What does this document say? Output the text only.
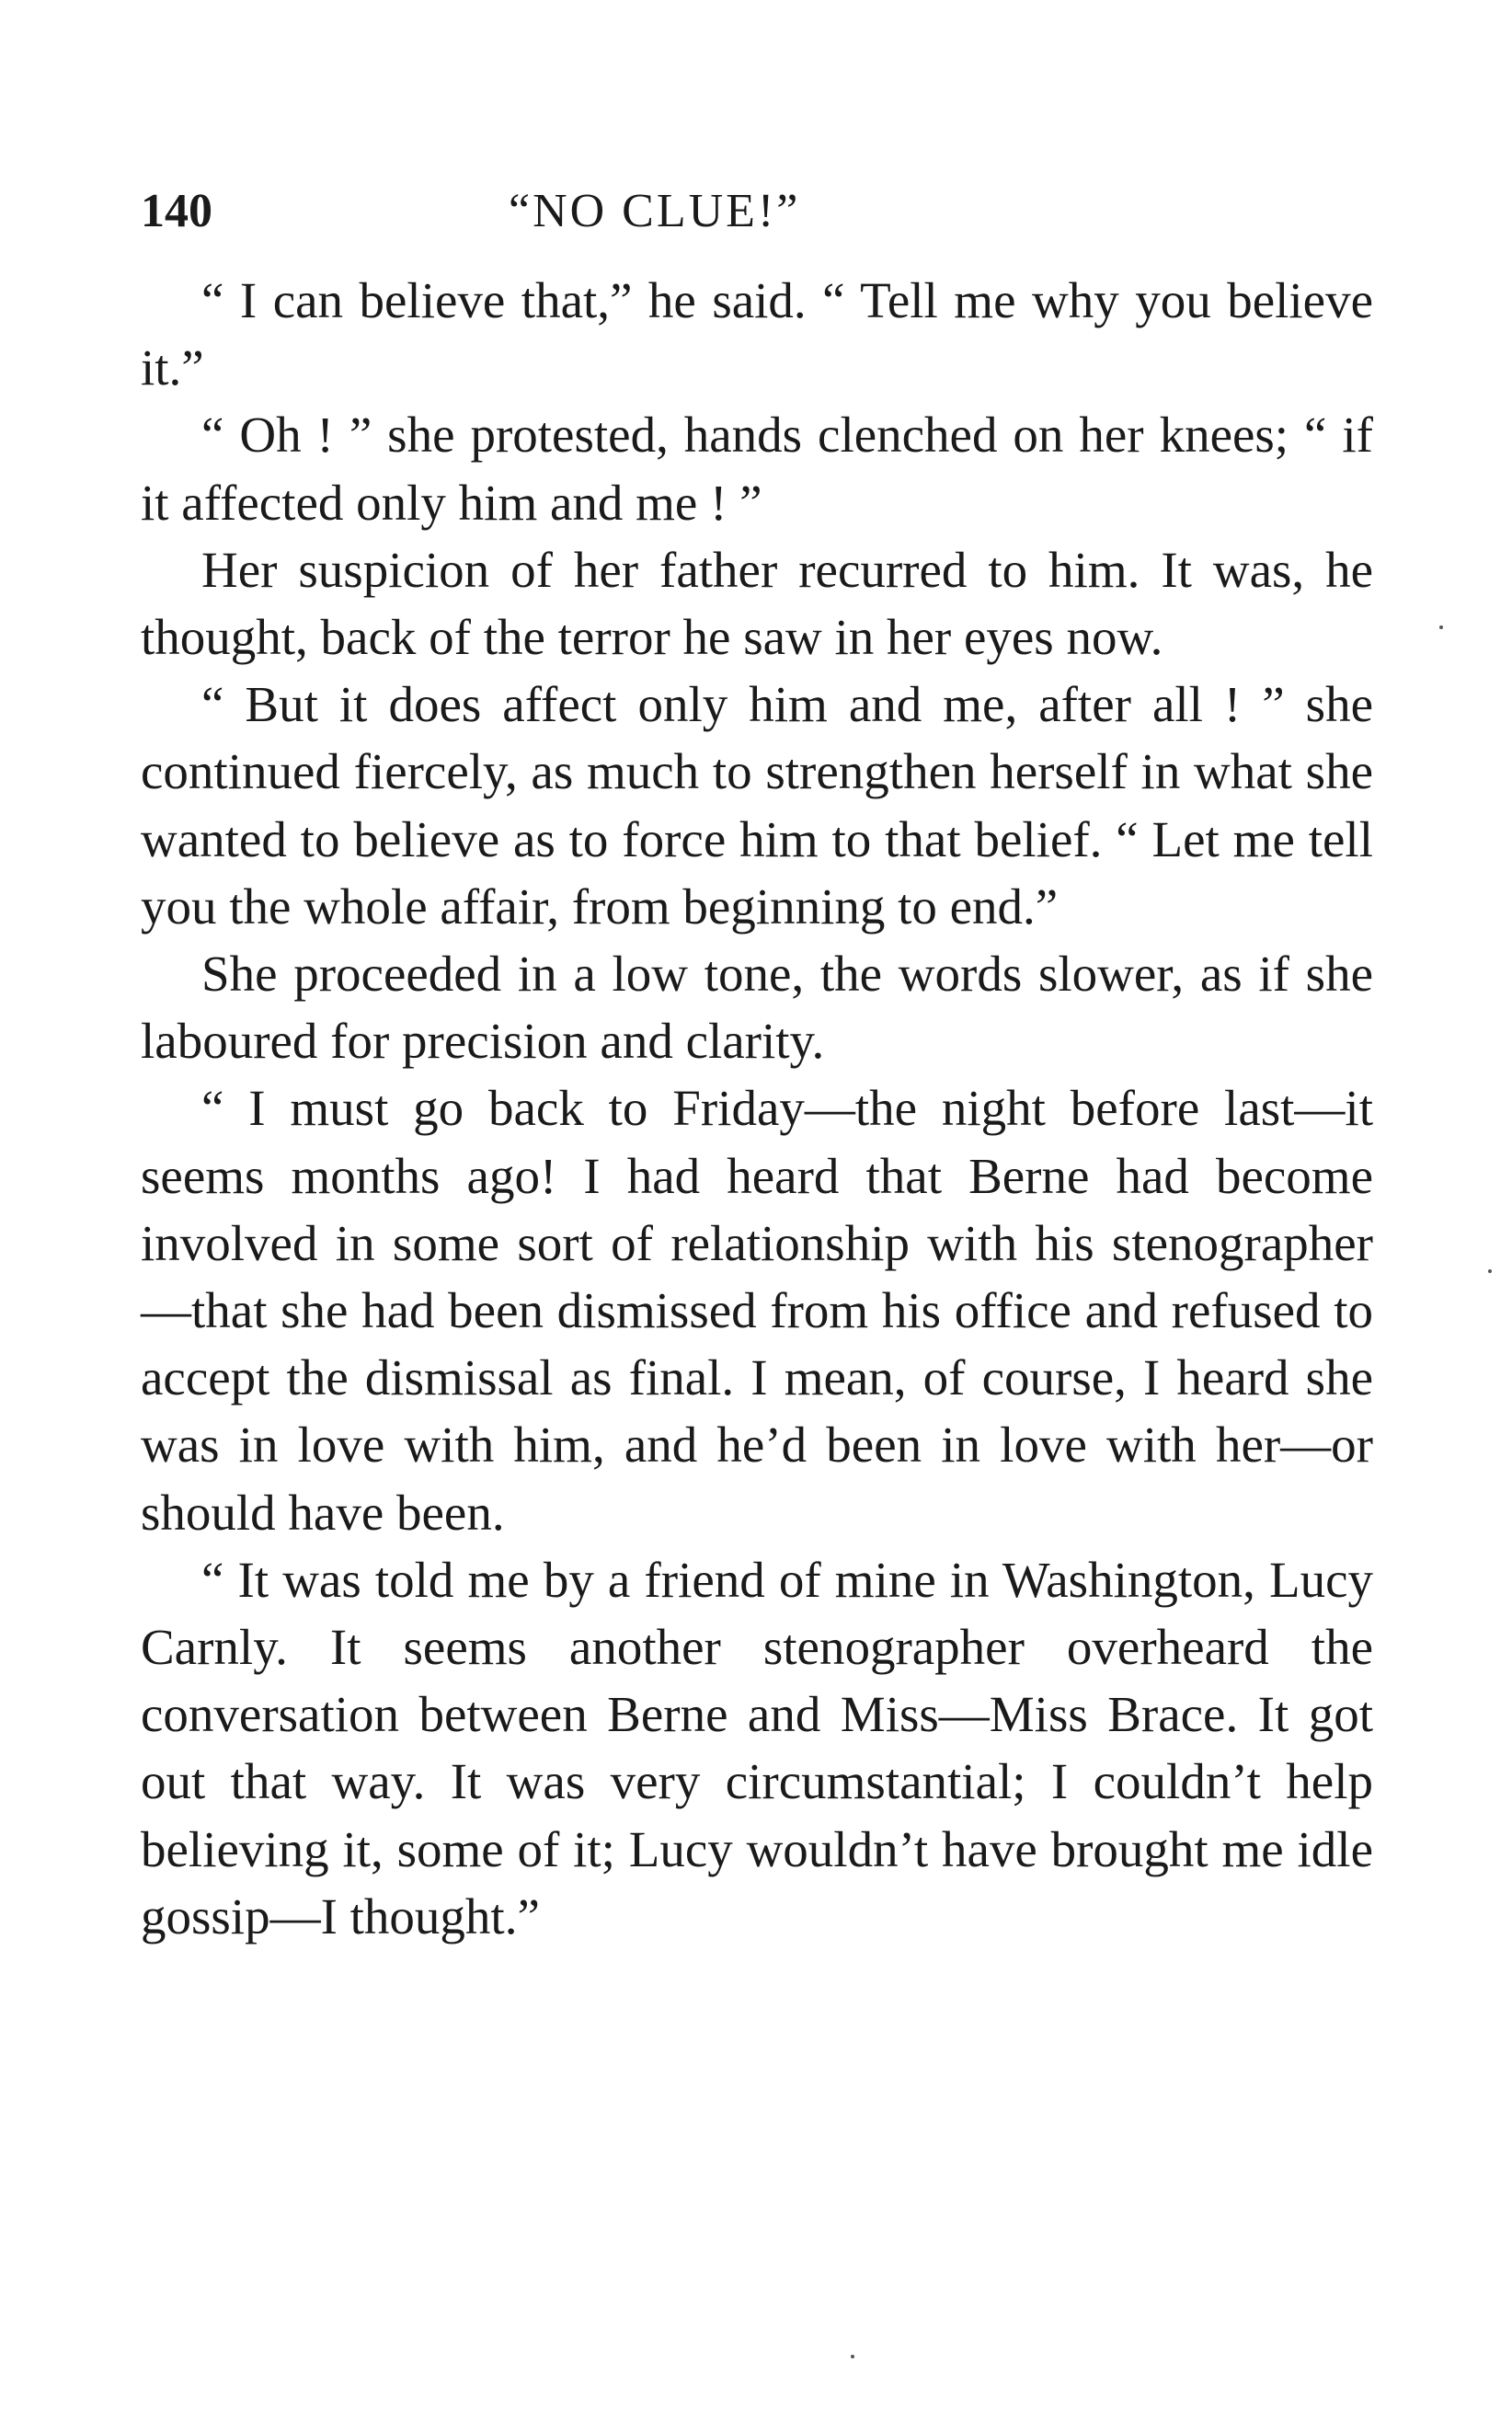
140	“NO CLUE!”

“ I can believe that,” he said. “ Tell me why you believe it.”

“ Oh ! ” she protested, hands clenched on her knees; “ if it affected only him and me ! ”

Her suspicion of her father recurred to him. It was, he thought, back of the terror he saw in her eyes now.

“ But it does affect only him and me, after all ! ” she continued fiercely, as much to strengthen herself in what she wanted to believe as to force him to that belief. “ Let me tell you the whole affair, from beginning to end.”

She proceeded in a low tone, the words slower, as if she laboured for precision and clarity.

“ I must go back to Friday—the night before last—it seems months ago! I had heard that Berne had become involved in some sort of relationship with his stenographer—that she had been dismissed from his office and refused to accept the dismissal as final. I mean, of course, I heard she was in love with him, and he’d been in love with her—or should have been.

“ It was told me by a friend of mine in Washington, Lucy Carnly. It seems another stenographer overheard the conversation between Berne and Miss—Miss Brace. It got out that way. It was very circumstantial; I couldn’t help believing it, some of it; Lucy wouldn’t have brought me idle gossip—I thought.”
